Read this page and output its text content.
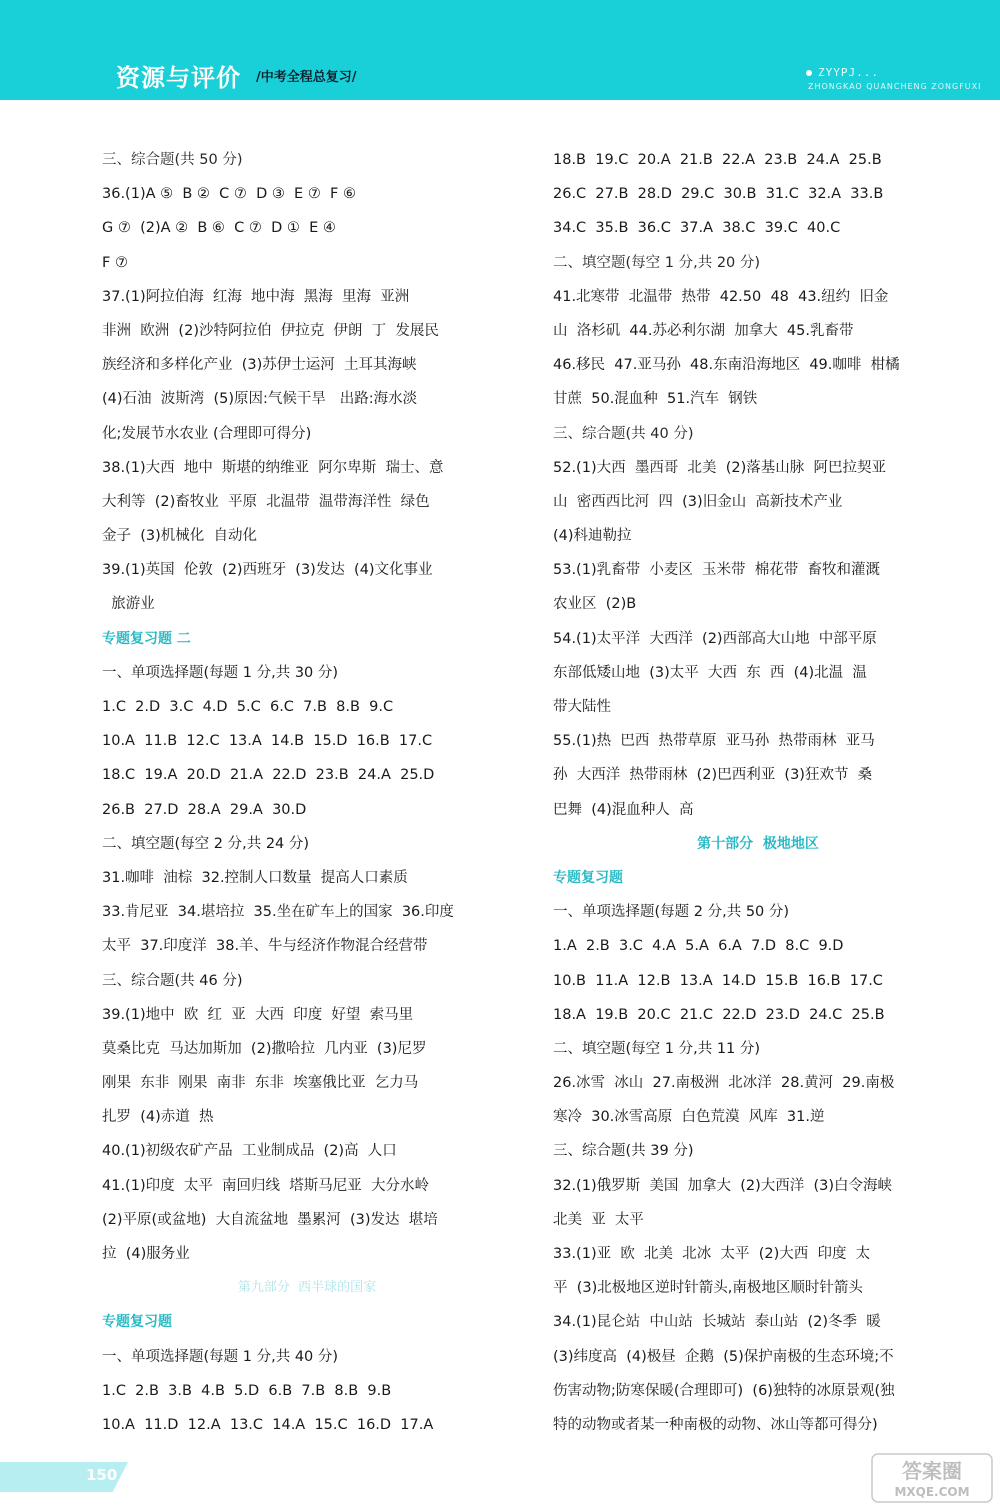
资源与评价 /中考全程总复习/	ZYYPJ...
ZHONGKAO QUANCHENG ZONGFUXI
三、综合题(共 50 分)
36.(1)A ⑤  B ②  C ⑦  D ③  E ⑦  F ⑥
G ⑦  (2)A ②  B ⑥  C ⑦  D ①  E ④
F ⑦
37.(1)阿拉伯海  红海  地中海  黑海  里海  亚洲
非洲  欧洲  (2)沙特阿拉伯  伊拉克  伊朗  丁  发展民
族经济和多样化产业  (3)苏伊士运河  土耳其海峡
(4)石油  波斯湾  (5)原因:气候干旱   出路:海水淡
化;发展节水农业 (合理即可得分)
38.(1)大西  地中  斯堪的纳维亚  阿尔卑斯  瑞士、意
大利等  (2)畜牧业  平原  北温带  温带海洋性  绿色
金子  (3)机械化  自动化
39.(1)英国  伦敦  (2)西班牙  (3)发达  (4)文化事业
旅游业
专题复习题 二
一、单项选择题(每题 1 分,共 30 分)
1.C  2.D  3.C  4.D  5.C  6.C  7.B  8.B  9.C
10.A  11.B  12.C  13.A  14.B  15.D  16.B  17.C
18.C  19.A  20.D  21.A  22.D  23.B  24.A  25.D
26.B  27.D  28.A  29.A  30.D
二、填空题(每空 2 分,共 24 分)
31.咖啡  油棕  32.控制人口数量  提高人口素质
33.肯尼亚  34.堪培拉  35.坐在矿车上的国家  36.印度
太平  37.印度洋  38.羊、牛与经济作物混合经营带
三、综合题(共 46 分)
39.(1)地中  欧  红  亚  大西  印度  好望  索马里
莫桑比克  马达加斯加  (2)撒哈拉  几内亚  (3)尼罗
刚果  东非  刚果  南非  东非  埃塞俄比亚  乞力马
扎罗  (4)赤道  热
40.(1)初级农矿产品  工业制成品  (2)高  人口
41.(1)印度  太平  南回归线  塔斯马尼亚  大分水岭
(2)平原(或盆地)  大自流盆地  墨累河  (3)发达  堪培
拉  (4)服务业
第九部分  西半球的国家
专题复习题
一、单项选择题(每题 1 分,共 40 分)
1.C  2.B  3.B  4.B  5.D  6.B  7.B  8.B  9.B
10.A  11.D  12.A  13.C  14.A  15.C  16.D  17.A
18.B  19.C  20.A  21.B  22.A  23.B  24.A  25.B
26.C  27.B  28.D  29.C  30.B  31.C  32.A  33.B
34.C  35.B  36.C  37.A  38.C  39.C  40.C
二、填空题(每空 1 分,共 20 分)
41.北寒带  北温带  热带  42.50  48  43.纽约  旧金
山  洛杉矶  44.苏必利尔湖  加拿大  45.乳畜带
46.移民  47.亚马孙  48.东南沿海地区  49.咖啡  柑橘
甘蔗  50.混血种  51.汽车  钢铁
三、综合题(共 40 分)
52.(1)大西  墨西哥  北美  (2)落基山脉  阿巴拉契亚
山  密西西比河  四  (3)旧金山  高新技术产业
(4)科迪勒拉
53.(1)乳畜带  小麦区  玉米带  棉花带  畜牧和灌溉
农业区  (2)B
54.(1)太平洋  大西洋  (2)西部高大山地  中部平原
东部低矮山地  (3)太平  大西  东  西  (4)北温  温
带大陆性
55.(1)热  巴西  热带草原  亚马孙  热带雨林  亚马
孙  大西洋  热带雨林  (2)巴西利亚  (3)狂欢节  桑
巴舞  (4)混血种人  高
第十部分  极地地区
专题复习题
一、单项选择题(每题 2 分,共 50 分)
1.A  2.B  3.C  4.A  5.A  6.A  7.D  8.C  9.D
10.B  11.A  12.B  13.A  14.D  15.B  16.B  17.C
18.A  19.B  20.C  21.C  22.D  23.D  24.C  25.B
二、填空题(每空 1 分,共 11 分)
26.冰雪  冰山  27.南极洲  北冰洋  28.黄河  29.南极
寒冷  30.冰雪高原  白色荒漠  风库  31.逆
三、综合题(共 39 分)
32.(1)俄罗斯  美国  加拿大  (2)大西洋  (3)白令海峡
北美  亚  太平
33.(1)亚  欧  北美  北冰  太平  (2)大西  印度  太
平  (3)北极地区逆时针箭头,南极地区顺时针箭头
34.(1)昆仑站  中山站  长城站  泰山站  (2)冬季  暖
(3)纬度高  (4)极昼  企鹅  (5)保护南极的生态环境;不
伤害动物;防寒保暖(合理即可)  (6)独特的冰原景观(独
特的动物或者某一种南极的动物、冰山等都可得分)
150	答案圈
MXQE.COM
